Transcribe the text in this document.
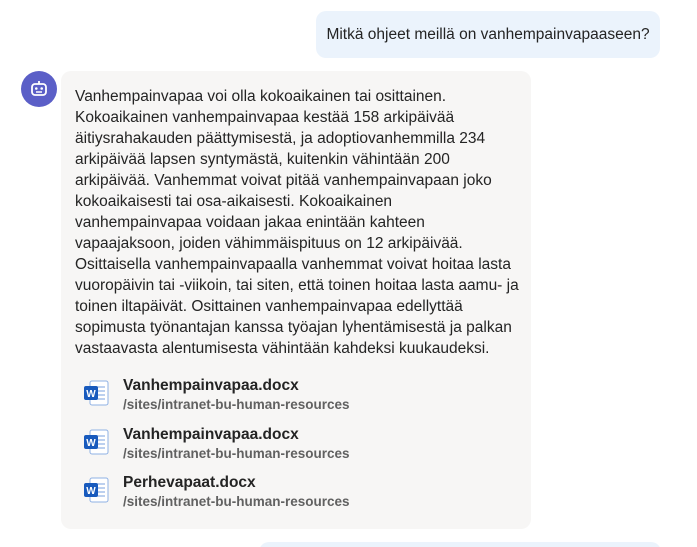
Mitkä ohjeet meillä on vanhempainvapaaseen?

Vanhempainvapaa voi olla kokoaikainen tai osittainen. Kokoaikainen vanhempainvapaa kestää 158 arkipäivää äitiysrahakauden päättymisestä, ja adoptiovanhemmilla 234 arkipäivää lapsen syntymästä, kuitenkin vähintään 200 arkipäivää. Vanhemmat voivat pitää vanhempainvapaan joko kokoaikaisesti tai osa-aikaisesti. Kokoaikainen vanhempainvapaa voidaan jakaa enintään kahteen vapaajaksoon, joiden vähimmäispituus on 12 arkipäivää. Osittaisella vanhempainvapaalla vanhemmat voivat hoitaa lasta vuoropäivin tai -viikoin, tai siten, että toinen hoitaa lasta aamu- ja toinen iltapäivät. Osittainen vanhempainvapaa edellyttää sopimusta työnantajan kanssa työajan lyhentämisestä ja palkan vastaavasta alentumisesta vähintään kahdeksi kuukaudeksi.

W
Vanhempainvapaa.docx
/sites/intranet-bu-human-resources
W
Vanhempainvapaa.docx
/sites/intranet-bu-human-resources
W
Perhevapaat.docx
/sites/intranet-bu-human-resources
